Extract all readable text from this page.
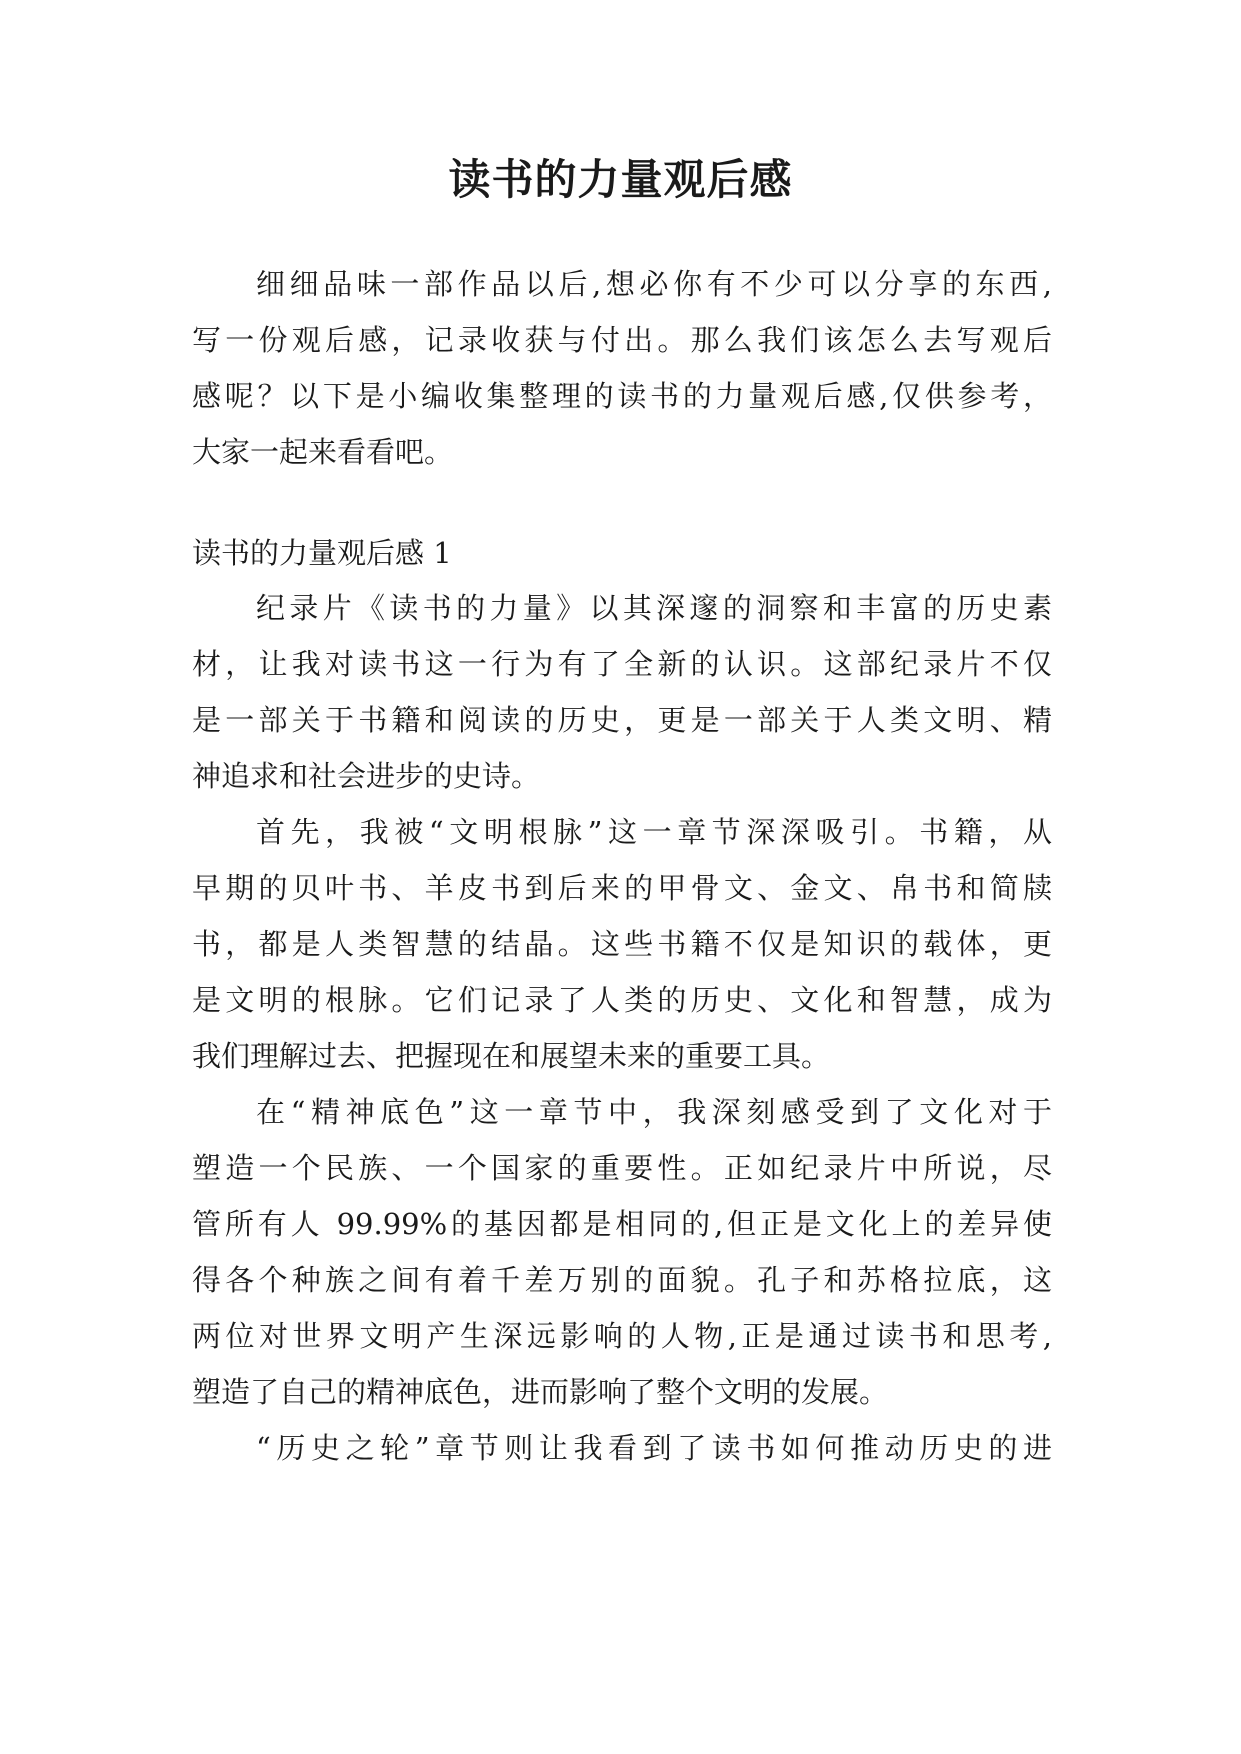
读书的力量观后感
细细品味一部作品以后,想必你有不少可以分享的东西,
写一份观后感，记录收获与付出。那么我们该怎么去写观后
感呢？以下是小编收集整理的读书的力量观后感,仅供参考，
大家一起来看看吧。
读书的力量观后感 1
纪录片《读书的力量》以其深邃的洞察和丰富的历史素
材，让我对读书这一行为有了全新的认识。这部纪录片不仅
是一部关于书籍和阅读的历史，更是一部关于人类文明、精
神追求和社会进步的史诗。
首先，我被“文明根脉”这一章节深深吸引。书籍，从
早期的贝叶书、羊皮书到后来的甲骨文、金文、帛书和简牍
书，都是人类智慧的结晶。这些书籍不仅是知识的载体，更
是文明的根脉。它们记录了人类的历史、文化和智慧，成为
我们理解过去、把握现在和展望未来的重要工具。
在“精神底色”这一章节中，我深刻感受到了文化对于
塑造一个民族、一个国家的重要性。正如纪录片中所说，尽
管所有人 99.99%的基因都是相同的,但正是文化上的差异使
得各个种族之间有着千差万别的面貌。孔子和苏格拉底，这
两位对世界文明产生深远影响的人物,正是通过读书和思考,
塑造了自己的精神底色，进而影响了整个文明的发展。
“历史之轮”章节则让我看到了读书如何推动历史的进
